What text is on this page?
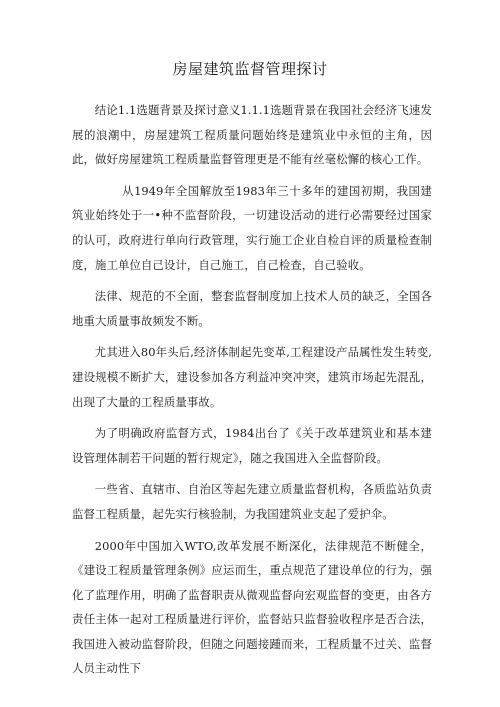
房屋建筑监督管理探讨

结论1.1选题背景及探讨意义1.1.1选题背景在我国社会经济飞速发展的浪潮中，房屋建筑工程质量问题始终是建筑业中永恒的主角，因此，做好房屋建筑工程质量监督管理更是不能有丝毫松懈的核心工作。

从1949年全国解放至1983年三十多年的建国初期，我国建筑业始终处于一•种不监督阶段，一切建设活动的进行必需要经过国家的认可，政府进行单向行政管理，实行施工企业自检自评的质量检查制度，施工单位自己设计，自己施工，自己检查，自己验收。

法律、规范的不全面，整套监督制度加上技术人员的缺乏，全国各地重大质量事故频发不断。

尤其进入80年头后,经济体制起先变革,工程建设产品属性发生转变,建设规模不断扩大，建设参加各方利益冲突冲突，建筑市场起先混乱，出现了大量的工程质量事故。

为了明确政府监督方式，1984出台了《关于改革建筑业和基本建设管理体制若干问题的暂行规定》，随之我国进入全监督阶段。

一些省、直辖市、自治区等起先建立质量监督机构，各质监站负责监督工程质量，起先实行核验制，为我国建筑业支起了爱护伞。

2000年中国加入WTO,改革发展不断深化，法律规范不断健全，《建设工程质量管理条例》应运而生，重点规范了建设单位的行为，强化了监理作用，明确了监督职责从微观监督向宏观监督的变更，由各方责任主体一起对工程质量进行评价，监督站只监督验收程序是否合法，我国进入被动监督阶段，但随之问题接踵而来，工程质量不过关、监督人员主动性下
